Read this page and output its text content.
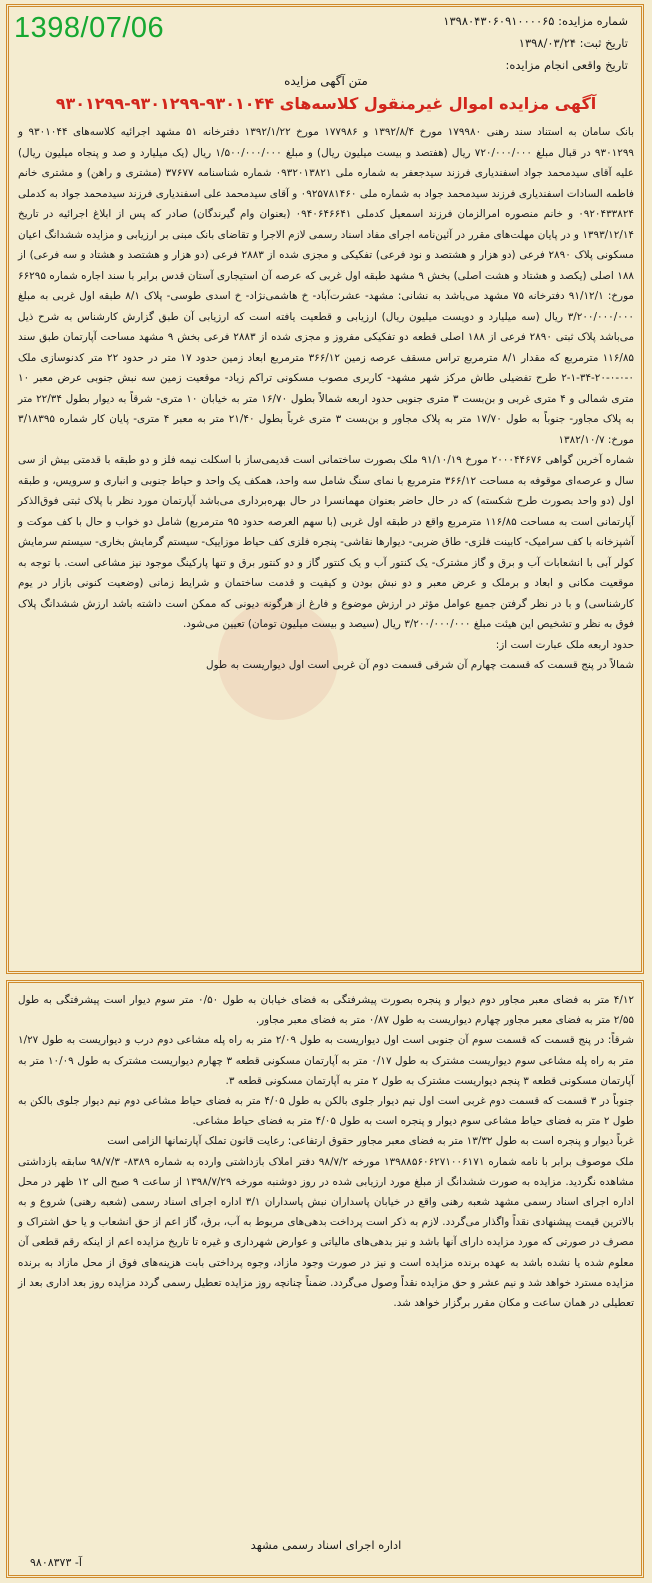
1398/07/06	شماره مزایده: ۱۳۹۸۰۴۳۰۶۰۹۱۰۰۰۰۶۵
تاریخ ثبت: ۱۳۹۸/۰۳/۲۴
تاریخ واقعی انجام مزایده:
متن آگهی مزایده
آگهی مزایده اموال غیرمنقول کلاسه‌های ۹۳۰۱۰۴۴-۹۳۰۱۲۹۹-۹۳۰۱۲۹۹

بانک سامان به استناد سند رهنی ۱۷۹۹۸۰ مورخ ۱۳۹۲/۸/۴ و ۱۷۷۹۸۶ مورخ ۱۳۹۲/۱/۲۲ دفترخانه ۵۱ مشهد اجرائیه کلاسه‌های ۹۳۰۱۰۴۴ و ۹۳۰۱۲۹۹ در قبال مبلغ ۷۲۰/۰۰۰/۰۰۰ ریال (هفتصد و بیست میلیون ریال) و مبلغ ۱/۵۰۰/۰۰۰/۰۰۰ ریال (یک میلیارد و صد و پنجاه میلیون ریال) علیه آقای سیدمحمد جواد اسفندیاری فرزند سیدجعفر به شماره ملی ۰۹۳۲۰۱۳۸۲۱ شماره شناسنامه ۳۷۶۷۷ (مشتری و راهن) و مشتری خانم فاطمه السادات اسفندیاری فرزند سیدمحمد جواد به شماره ملی ۰۹۲۵۷۸۱۴۶۰ و آقای سیدمحمد علی اسفندیاری فرزند سیدمحمد جواد به کدملی ۰۹۲۰۴۳۳۸۲۴ و خانم منصوره امرالزمان فرزند اسمعیل کدملی ۰۹۴۰۶۴۶۶۴۱ (بعنوان وام گیرندگان) صادر که پس از ابلاغ اجرائیه در تاریخ ۱۳۹۳/۱۲/۱۴ و در پایان مهلت‌های مقرر در آئین‌نامه اجرای مفاد اسناد رسمی لازم الاجرا و تقاضای بانک مبنی بر ارزیابی و مزایده ششدانگ اعیان مسکونی پلاک ۲۸۹۰ فرعی (دو هزار و هشتصد و نود فرعی) تفکیکی و مجزی شده از ۲۸۸۳ فرعی (دو هزار و هشتصد و هشتاد و سه فرعی) از ۱۸۸ اصلی (یکصد و هشتاد و هشت اصلی) بخش ۹ مشهد طبقه اول غربی که عرصه آن استیجاری آستان قدس برابر با سند اجاره شماره ۶۶۲۹۵ مورخ: ۹۱/۱۲/۱ دفترخانه ۷۵ مشهد می‌باشد به نشانی: مشهد- عشرت‌آباد- خ هاشمی‌نژاد- خ اسدی طوسی- پلاک ۸/۱ طبقه اول غربی به مبلغ ۳/۲۰۰/۰۰۰/۰۰۰ ریال (سه میلیارد و دویست میلیون ریال) ارزیابی و قطعیت یافته است که ارزیابی آن طبق گزارش کارشناس به شرح ذیل می‌باشد پلاک ثبتی ۲۸۹۰ فرعی از ۱۸۸ اصلی قطعه دو تفکیکی مفروز و مجزی شده از ۲۸۸۳ فرعی بخش ۹ مشهد مساحت آپارتمان طبق سند ۱۱۶/۸۵ مترمربع که مقدار ۸/۱ مترمربع تراس مسقف عرصه زمین ۳۶۶/۱۲ مترمربع ابعاد زمین حدود ۱۷ متر در حدود ۲۲ متر کدنوسازی ملک ۰-۰-۰-۲۰-۳۴-۱-۲ طرح تفضیلی طاش مرکز شهر مشهد- کاربری مصوب مسکونی تراکم زیاد- موقعیت زمین سه نبش جنوبی عرض معبر ۱۰ متری شمالی و ۴ متری غربی و بن‌بست ۳ متری جنوبی حدود اربعه شمالاً بطول ۱۶/۷۰ متر به خیابان ۱۰ متری- شرقاً به دیوار بطول ۲۲/۳۴ متر به پلاک مجاور- جنوباً به طول ۱۷/۷۰ متر به پلاک مجاور و بن‌بست ۳ متری غرباً بطول ۲۱/۴۰ متر به معبر ۴ متری- پایان کار شماره ۳/۱۸۳۹۵ مورخ: ۱۳۸۲/۱۰/۷

شماره آخرین گواهی ۲۰۰۰۴۴۶۷۶ مورخ ۹۱/۱۰/۱۹ ملک بصورت ساختمانی است قدیمی‌ساز با اسکلت نیمه فلز و دو طبقه با قدمتی بیش از سی سال و عرصه‌ای موقوفه به مساحت ۳۶۶/۱۲ مترمربع با نمای سنگ شامل سه واحد، همکف یک واحد و حیاط جنوبی و انباری و سرویس، و طبقه اول (دو واحد بصورت طرح شکسته) که در حال حاضر بعنوان مهمانسرا در حال بهره‌برداری می‌باشد آپارتمان مورد نظر با پلاک ثبتی فوق‌الذکر آپارتمانی است به مساحت ۱۱۶/۸۵ مترمربع واقع در طبقه اول غربی (با سهم العرصه حدود ۹۵ مترمربع) شامل دو خواب و حال با کف موکت و آشپزخانه با کف سرامیک- کابینت فلزی- طاق ضربی- دیوارها نقاشی- پنجره فلزی کف حیاط موزاییک- سیستم گرمایش بخاری- سیستم سرمایش کولر آبی با انشعابات آب و برق و گاز مشترک- یک کنتور آب و یک کنتور گاز و دو کنتور برق و تنها پارکینگ موجود نیز مشاعی است. با توجه به موقعیت مکانی و ابعاد و برملک و عرض معبر و دو نبش بودن و کیفیت و قدمت ساختمان و شرایط زمانی (وضعیت کنونی بازار در یوم کارشناسی) و با در نظر گرفتن جمیع عوامل مؤثر در ارزش موضوع و فارغ از هرگونه دیونی که ممکن است داشته باشد ارزش ششدانگ پلاک فوق به نظر و تشخیص این هیئت مبلغ ۳/۲۰۰/۰۰۰/۰۰۰ ریال (سیصد و بیست میلیون تومان) تعیین می‌شود.

حدود اربعه ملک عبارت است از:

شمالاً در پنج قسمت که قسمت چهارم آن شرقی قسمت دوم آن غربی است اول دیواریست به طول

۴/۱۲ متر به فضای معبر مجاور دوم دیوار و پنجره بصورت پیشرفتگی به فضای خیابان به طول ۰/۵۰ متر سوم دیوار است پیشرفتگی به طول ۲/۵۵ متر به فضای معبر مجاور چهارم دیواریست به طول ۰/۸۷ متر به فضای معبر مجاور.

شرقاً: در پنج قسمت که قسمت سوم آن جنوبی است اول دیواریست به طول ۲/۰۹ متر به راه پله مشاعی دوم درب و دیواریست به طول ۱/۲۷ متر به راه پله مشاعی سوم دیواریست مشترک به طول ۰/۱۷ متر به آپارتمان مسکونی قطعه ۳ چهارم دیواریست مشترک به طول ۱۰/۰۹ متر به آپارتمان مسکونی قطعه ۳ پنجم دیواریست مشترک به طول ۲ متر به آپارتمان مسکونی قطعه ۳.

جنوباً در ۳ قسمت که قسمت دوم غربی است اول نیم دیوار جلوی بالکن به طول ۴/۰۵ متر به فضای حیاط مشاعی دوم نیم دیوار جلوی بالکن به طول ۲ متر به فضای حیاط مشاعی سوم دیوار و پنجره است به طول ۴/۰۵ متر به فضای حیاط مشاعی.

غرباً دیوار و پنجره است به طول ۱۳/۳۲ متر به فضای معبر مجاور حقوق ارتفاعی: رعایت قانون تملک آپارتمانها الزامی است

ملک موصوف برابر با نامه شماره ۱۳۹۸۸۵۶۰۶۲۷۱۰۰۶۱۷۱ مورخه ۹۸/۷/۲ دفتر املاک بازداشتی وارده به شماره ۸۳۸۹- ۹۸/۷/۳ سابقه بازداشتی مشاهده نگردید. مزایده به صورت ششدانگ از مبلغ مورد ارزیابی شده در روز دوشنبه مورخه ۱۳۹۸/۷/۲۹ از ساعت ۹ صبح الی ۱۲ ظهر در محل اداره اجرای اسناد رسمی مشهد شعبه رهنی واقع در خیابان پاسداران نبش پاسداران ۳/۱ اداره اجرای اسناد رسمی (شعبه رهنی) شروع و به بالاترین قیمت پیشنهادی نقداً واگذار می‌گردد. لازم به ذکر است پرداخت بدهی‌های مربوط به آب، برق، گاز اعم از حق انشعاب و یا حق اشتراک و مصرف در صورتی که مورد مزایده دارای آنها باشد و نیز بدهی‌های مالیاتی و عوارض شهرداری و غیره تا تاریخ مزایده اعم از اینکه رقم قطعی آن معلوم شده یا نشده باشد به عهده برنده مزایده است و نیز در صورت وجود مازاد، وجوه پرداختی بابت هزینه‌های فوق از محل مازاد به برنده مزایده مسترد خواهد شد و نیم عشر و حق مزایده نقداً وصول می‌گردد. ضمناً چنانچه روز مزایده تعطیل رسمی گردد مزایده روز بعد اداری بعد از تعطیلی در همان ساعت و مکان مقرر برگزار خواهد شد.

اداره اجرای اسناد رسمی مشهد
آ- ۹۸۰۸۳۷۳
